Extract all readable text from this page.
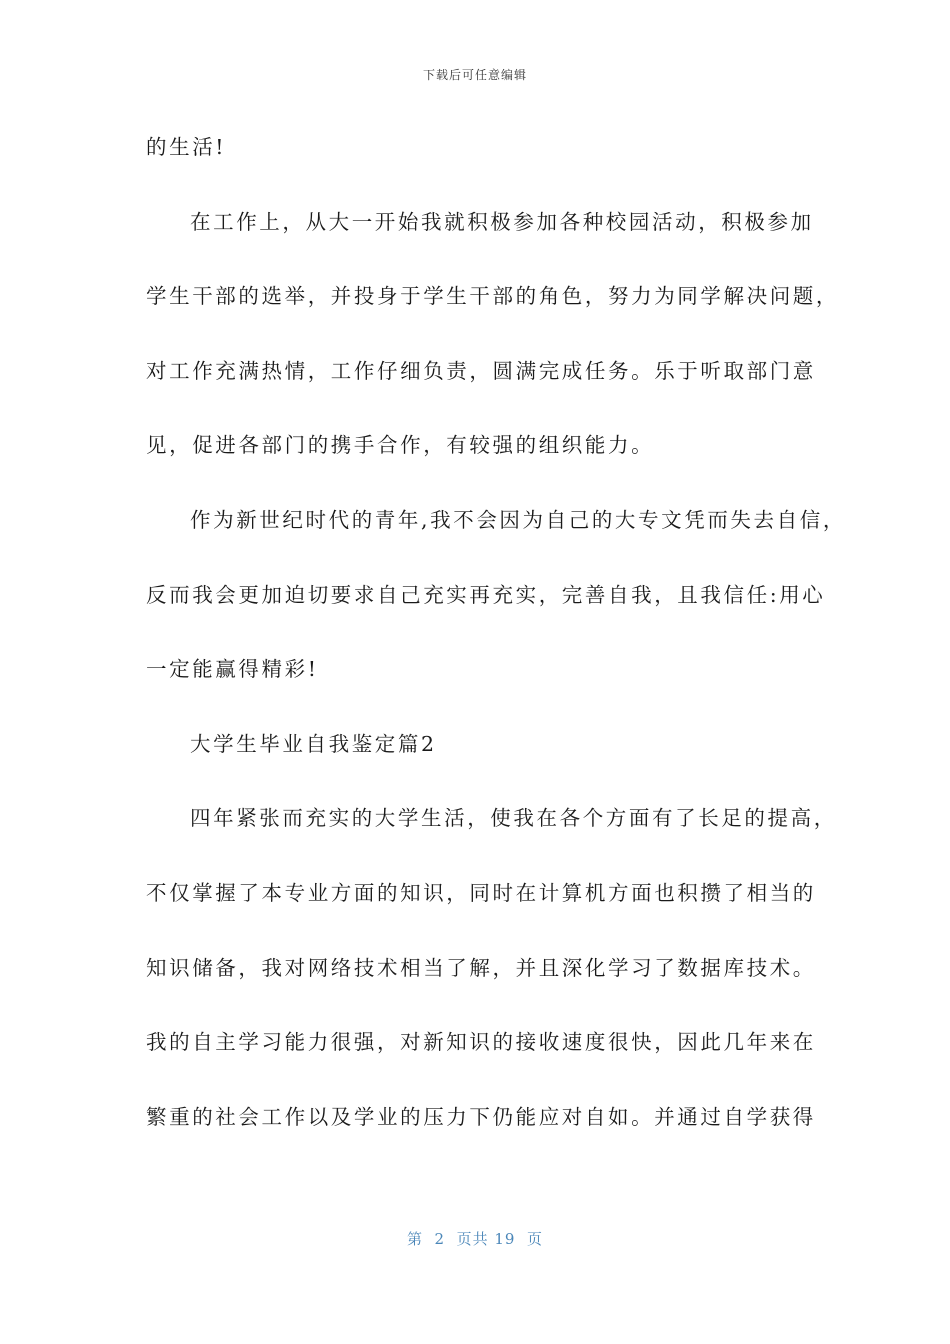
下载后可任意编辑
的生活!
在工作上，从大一开始我就积极参加各种校园活动，积极参加
学生干部的选举，并投身于学生干部的角色，努力为同学解决问题，
对工作充满热情，工作仔细负责，圆满完成任务。乐于听取部门意
见，促进各部门的携手合作，有较强的组织能力。
作为新世纪时代的青年,我不会因为自己的大专文凭而失去自信，
反而我会更加迫切要求自己充实再充实，完善自我，且我信任:用心
一定能赢得精彩!
大学生毕业自我鉴定篇2
四年紧张而充实的大学生活，使我在各个方面有了长足的提高，
不仅掌握了本专业方面的知识，同时在计算机方面也积攒了相当的
知识储备，我对网络技术相当了解，并且深化学习了数据库技术。
我的自主学习能力很强，对新知识的接收速度很快，因此几年来在
繁重的社会工作以及学业的压力下仍能应对自如。并通过自学获得
第  2  页共 19  页
